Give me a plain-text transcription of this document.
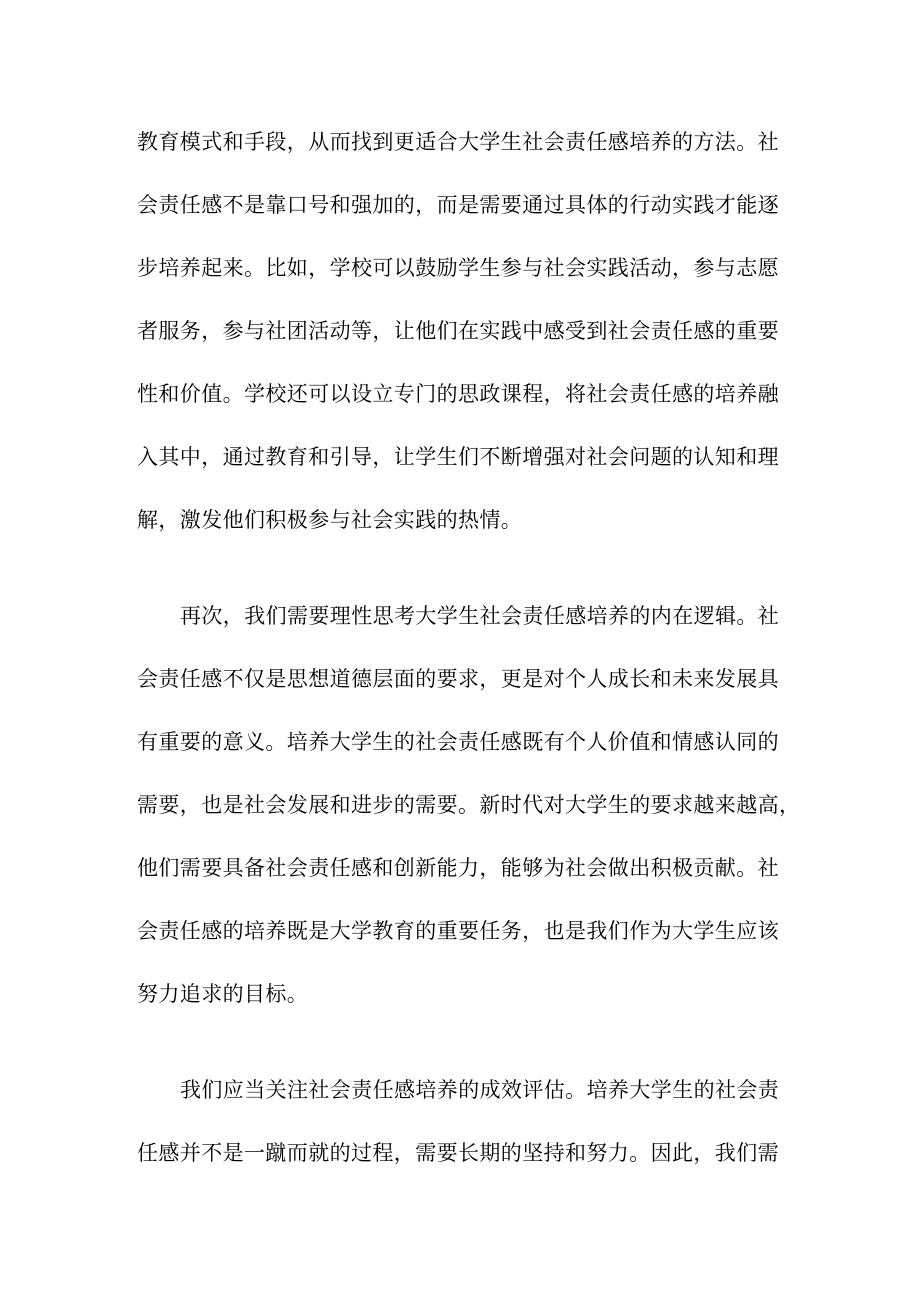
教育模式和手段，从而找到更适合大学生社会责任感培养的方法。社
会责任感不是靠口号和强加的，而是需要通过具体的行动实践才能逐
步培养起来。比如，学校可以鼓励学生参与社会实践活动，参与志愿
者服务，参与社团活动等，让他们在实践中感受到社会责任感的重要
性和价值。学校还可以设立专门的思政课程，将社会责任感的培养融
入其中，通过教育和引导，让学生们不断增强对社会问题的认知和理
解，激发他们积极参与社会实践的热情。
再次，我们需要理性思考大学生社会责任感培养的内在逻辑。社
会责任感不仅是思想道德层面的要求，更是对个人成长和未来发展具
有重要的意义。培养大学生的社会责任感既有个人价值和情感认同的
需要，也是社会发展和进步的需要。新时代对大学生的要求越来越高，
他们需要具备社会责任感和创新能力，能够为社会做出积极贡献。社
会责任感的培养既是大学教育的重要任务，也是我们作为大学生应该
努力追求的目标。
我们应当关注社会责任感培养的成效评估。培养大学生的社会责
任感并不是一蹴而就的过程，需要长期的坚持和努力。因此，我们需
